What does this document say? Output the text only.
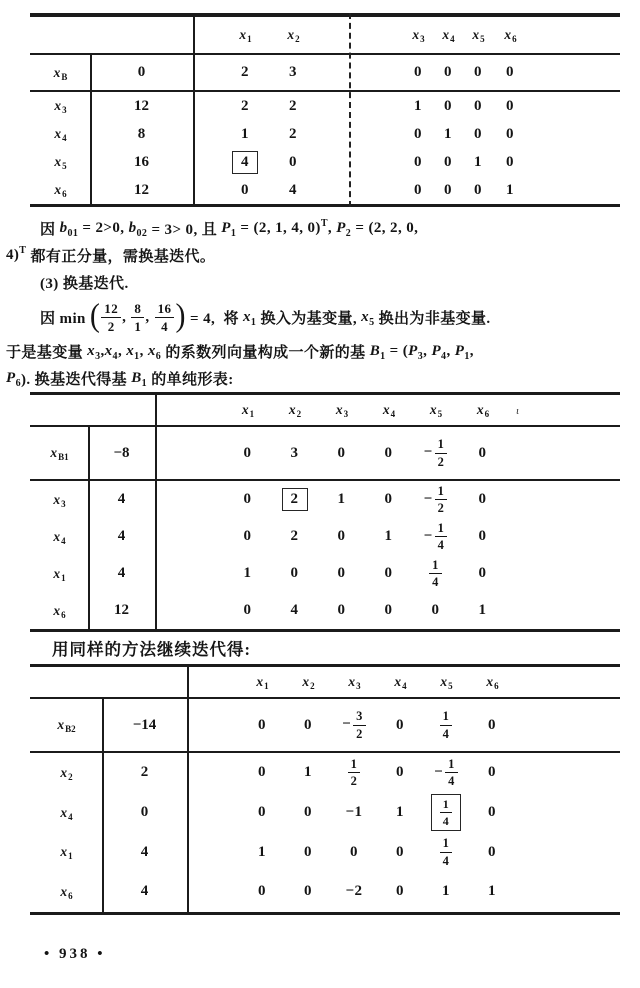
$x_1$	$x_2$	$x_3$	$x_4$	$x_5$	$x_6$
$x_B$	0	2	3	0	0	0	0
$x_3$	12	2	2	1	0	0	0
$x_4$	8	1	2	0	1	0	0
$x_5$	16	4	0	0	0	1	0
$x_6$	12	0	4	0	0	0	1
因 b 01 = 2>0, b 02 = 3> 0, 且 P 1 = (2, 1, 4, 0) T , P 2 = (2, 2, 0,
4) T 都有正分量，需换基迭代。
(3) 换基迭代.
因 min ( $\frac{12}{2}$ , $\frac{8}{1}$ , $\frac{16}{4}$ ) = 4,  将 x 1 换入为基变量, x 5 换出为非基变量.
于是基变量 x 3 , x 4 , x 1 , x 6 的系数列向量构成一个新的基 B 1 = ( P 3 , P 4 , P 1 ,
P 6 ). 换基迭代得基 B 1 的单纯形表:
$x_1$	$x_2$	$x_3$	$x_4$	$x_5$	$x_6$	ɩ
$x_{B1}$	−8	0	3	0	0	− $\frac{1}{2}$	0
$x_3$	4	0	2	1	0	− $\frac{1}{2}$	0
$x_4$	4	0	2	0	1	− $\frac{1}{4}$	0
$x_1$	4	1	0	0	0	$\frac{1}{4}$	0
$x_6$	12	0	4	0	0	0	1
用同样的方法继续迭代得:
$x_1$	$x_2$	$x_3$	$x_4$	$x_5$	$x_6$
$x_{B2}$	−14	0	0	− $\frac{3}{2}$	0	$\frac{1}{4}$	0
$x_2$	2	0	1	$\frac{1}{2}$	0	− $\frac{1}{4}$	0
$x_4$	0	0	0	−1	1	$\frac{1}{4}$	0
$x_1$	4	1	0	0	0	$\frac{1}{4}$	0
$x_6$	4	0	0	−2	0	1	1
• 938 •
